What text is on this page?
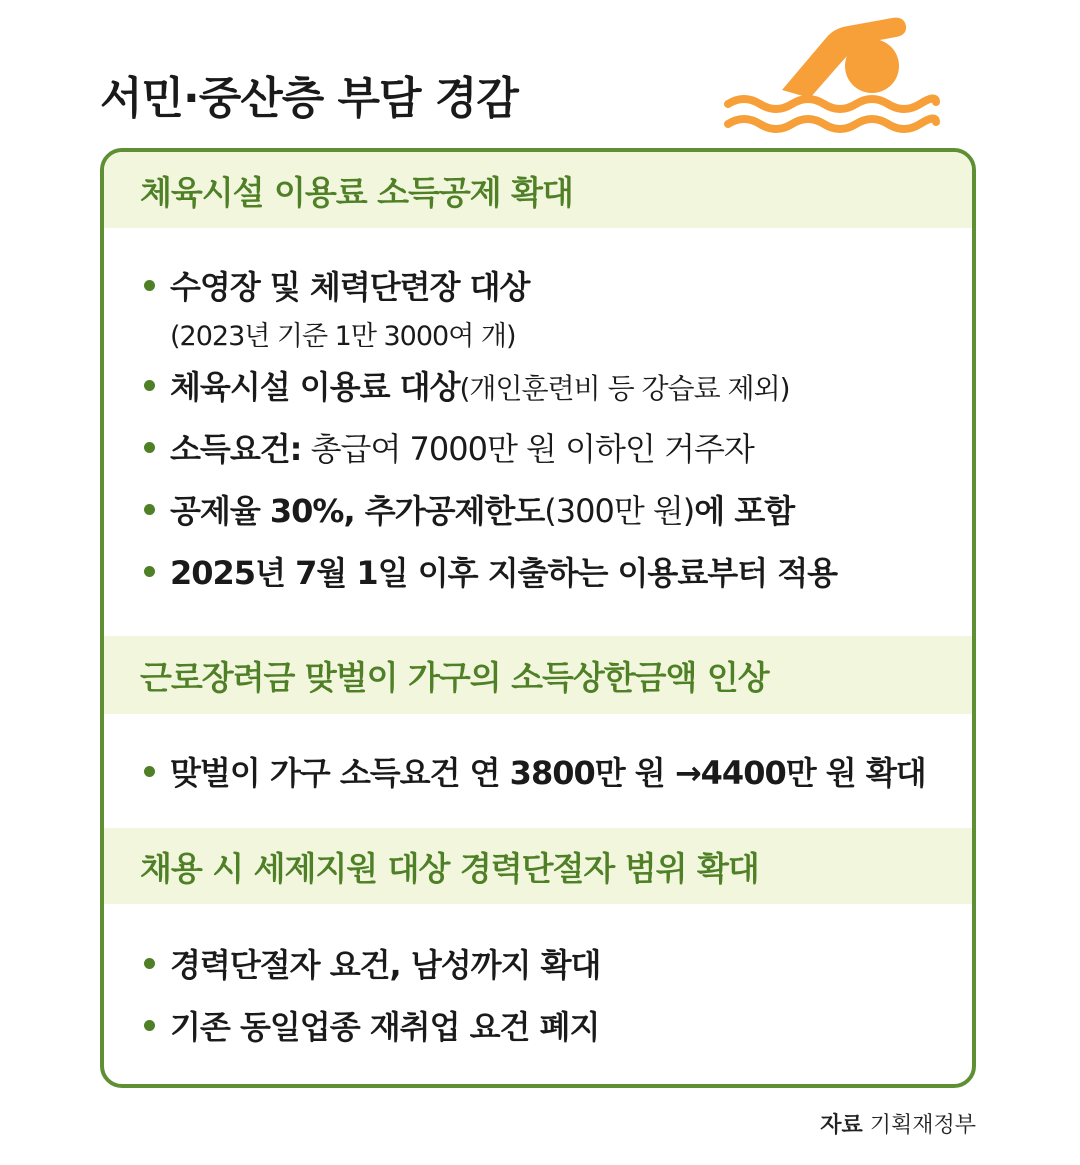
서민·중산층 부담 경감
체육시설 이용료 소득공제 확대
수영장 및 체력단련장 대상
(2023년 기준 1만 3000여 개)
체육시설 이용료 대상(개인훈련비 등 강습료 제외)
소득요건: 총급여 7000만 원 이하인 거주자
공제율 30%, 추가공제한도(300만 원)에 포함
2025년 7월 1일 이후 지출하는 이용료부터 적용
근로장려금 맞벌이 가구의 소득상한금액 인상
맞벌이 가구 소득요건 연 3800만 원 →4400만 원 확대
채용 시 세제지원 대상 경력단절자 범위 확대
경력단절자 요건, 남성까지 확대
기존 동일업종 재취업 요건 폐지
자료 기획재정부
